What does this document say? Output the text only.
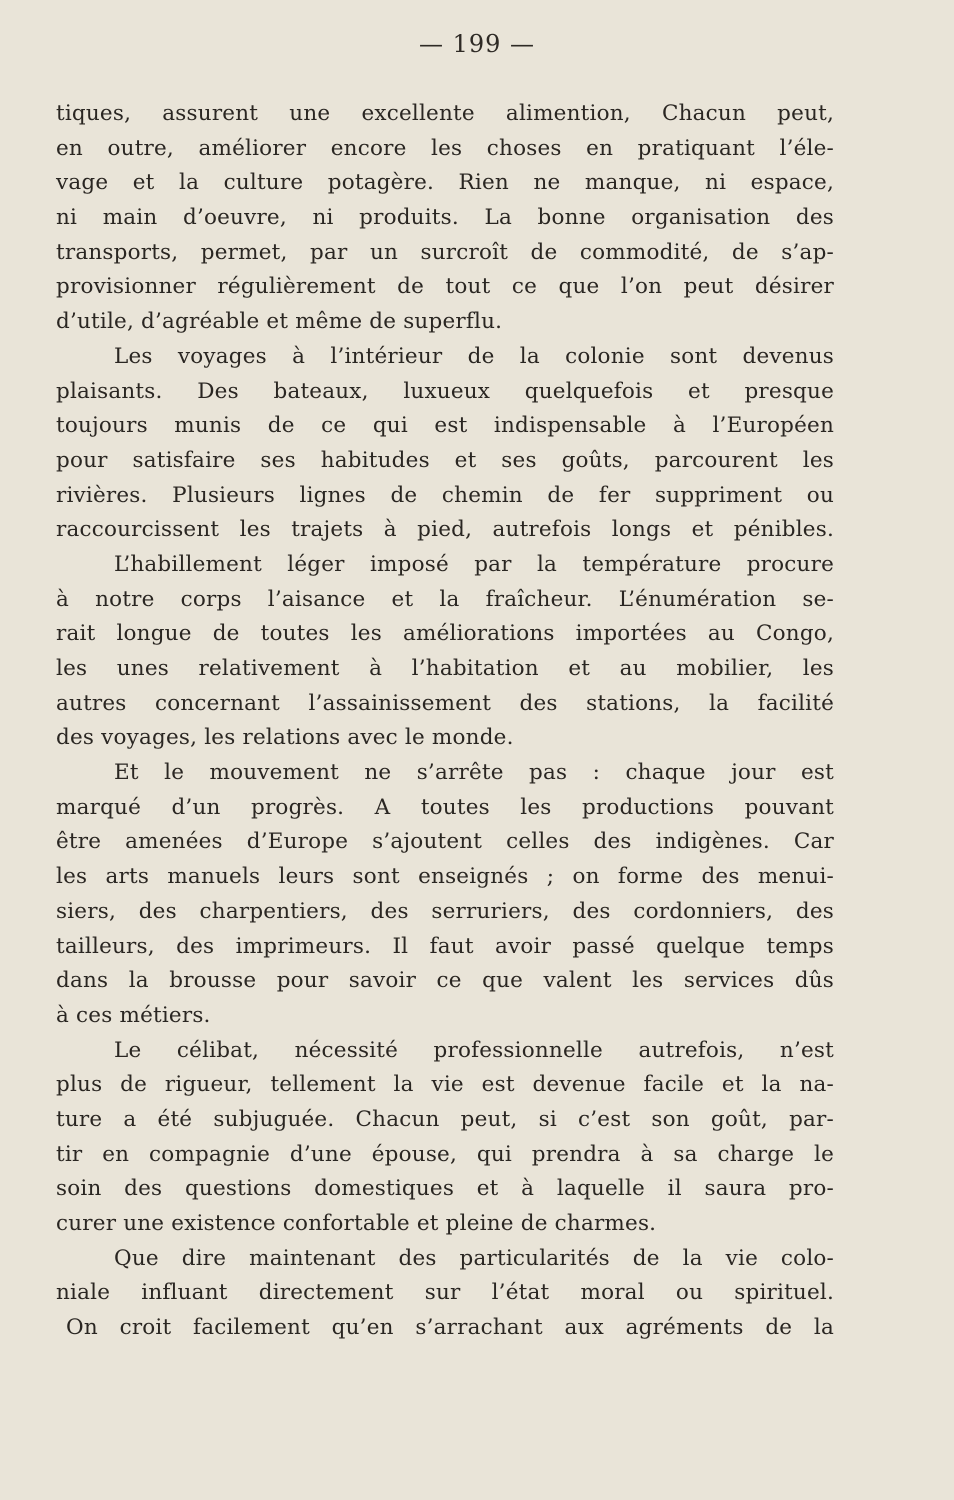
— 199 —
tiques, assurent une excellente alimention, Chacun peut,
en outre, améliorer encore les choses en pratiquant l’éle-
vage et la culture potagère. Rien ne manque, ni espace,
ni main d’oeuvre, ni produits. La bonne organisation des
transports, permet, par un surcroît de commodité, de s’ap-
provisionner régulièrement de tout ce que l’on peut désirer
d’utile, d’agréable et même de superflu.
Les voyages à l’intérieur de la colonie sont devenus
plaisants. Des bateaux, luxueux quelquefois et presque
toujours munis de ce qui est indispensable à l’Européen
pour satisfaire ses habitudes et ses goûts, parcourent les
rivières. Plusieurs lignes de chemin de fer suppriment ou
raccourcissent les trajets à pied, autrefois longs et pénibles.
L’habillement léger imposé par la température procure
à notre corps l’aisance et la fraîcheur. L’énumération se-
rait longue de toutes les améliorations importées au Congo,
les unes relativement à l’habitation et au mobilier, les
autres concernant l’assainissement des stations, la facilité
des voyages, les relations avec le monde.
Et le mouvement ne s’arrête pas : chaque jour est
marqué d’un progrès. A toutes les productions pouvant
être amenées d’Europe s’ajoutent celles des indigènes. Car
les arts manuels leurs sont enseignés ; on forme des menui-
siers, des charpentiers, des serruriers, des cordonniers, des
tailleurs, des imprimeurs. Il faut avoir passé quelque temps
dans la brousse pour savoir ce que valent les services dûs
à ces métiers.
Le célibat, nécessité professionnelle autrefois, n’est
plus de rigueur, tellement la vie est devenue facile et la na-
ture a été subjuguée. Chacun peut, si c’est son goût, par-
tir en compagnie d’une épouse, qui prendra à sa charge le
soin des questions domestiques et à laquelle il saura pro-
curer une existence confortable et pleine de charmes.
Que dire maintenant des particularités de la vie colo-
niale influant directement sur l’état moral ou spirituel.
On croit facilement qu’en s’arrachant aux agréments de la
